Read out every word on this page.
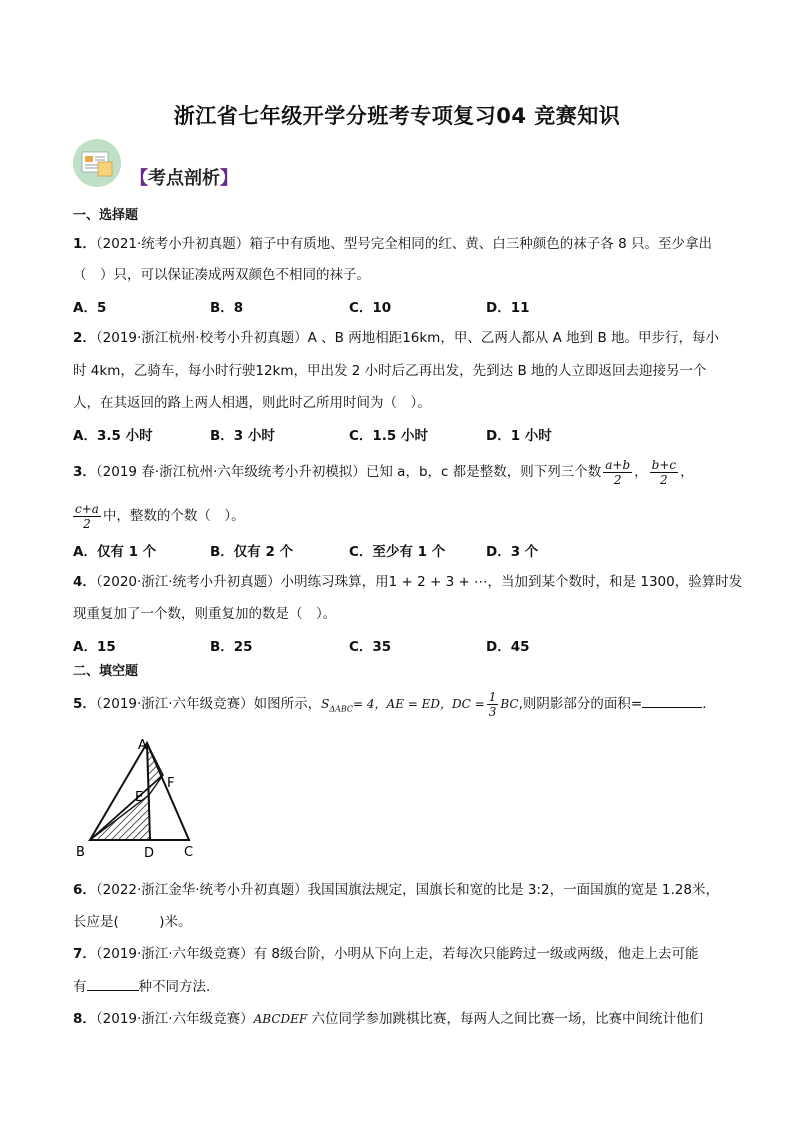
浙江省七年级开学分班考专项复习04 竞赛知识
【考点剖析】
一、选择题
1．（2021·统考小升初真题）箱子中有质地、型号完全相同的红、黄、白三种颜色的袜子各 8 只。至少拿出
（　）只，可以保证凑成两双颜色不相同的袜子。
A．5	B．8	C．10	D．11
2．（2019·浙江杭州·校考小升初真题）A 、B 两地相距16km，甲、乙两人都从 A 地到 B 地。甲步行，每小
时 4km，乙骑车，每小时行驶12km，甲出发 2 小时后乙再出发，先到达 B 地的人立即返回去迎接另一个
人，在其返回的路上两人相遇，则此时乙所用时间为（　）。
A．3.5 小时	B．3 小时	C．1.5 小时	D．1 小时
3．（2019 春·浙江杭州·六年级统考小升初模拟）已知 a，b，c 都是整数，则下列三个数 $\frac{a+b}{2}$ ， $\frac{b+c}{2}$ ，
$\frac{c+a}{2}$ 中，整数的个数（　）。
A．仅有 1 个	B．仅有 2 个	C．至少有 1 个	D．3 个
4．（2020·浙江·统考小升初真题）小明练习珠算，用1 + 2 + 3 + ⋯，当加到某个数时，和是 1300，验算时发
现重复加了一个数，则重复加的数是（　）。
A．15	B．25	C．35	D．45
二、填空题
5．（2019·浙江·六年级竞赛）如图所示，$S_{\Delta ABC}= 4$，AE = ED，DC = $\frac{1}{3}$ BC,则阴影部分的面积=	．
A
B	C
D
E
F
6．（2022·浙江金华·统考小升初真题）我国国旗法规定，国旗长和宽的比是 3:2，一面国旗的宽是 1.28米，
长应是(　　　)米。
7．（2019·浙江·六年级竞赛）有 8级台阶，小明从下向上走，若每次只能跨过一级或两级，他走上去可能
有	种不同方法．
8．（2019·浙江·六年级竞赛）ABCDEF 六位同学参加跳棋比赛，每两人之间比赛一场，比赛中间统计他们
